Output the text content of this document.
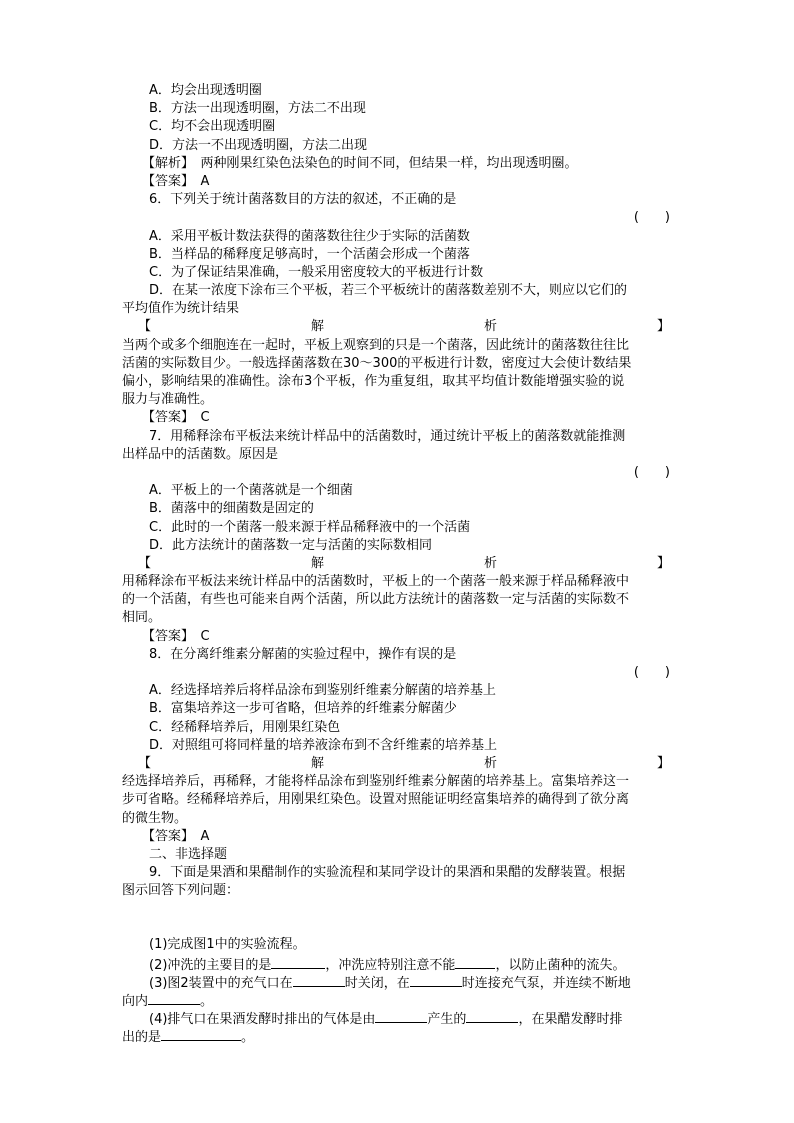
A．均会出现透明圈
B．方法一出现透明圈，方法二不出现
C．均不会出现透明圈
D．方法一不出现透明圈，方法二出现
【解析】　两种刚果红染色法染色的时间不同，但结果一样，均出现透明圈。
【答案】　A
6．下列关于统计菌落数目的方法的叙述，不正确的是
(　　)
A．采用平板计数法获得的菌落数往往少于实际的活菌数
B．当样品的稀释度足够高时，一个活菌会形成一个菌落
C．为了保证结果准确，一般采用密度较大的平板进行计数
D．在某一浓度下涂布三个平板，若三个平板统计的菌落数差别不大，则应以它们的
平均值作为统计结果
【	解	析	】
当两个或多个细胞连在一起时，平板上观察到的只是一个菌落，因此统计的菌落数往往比
活菌的实际数目少。一般选择菌落数在30～300的平板进行计数，密度过大会使计数结果
偏小，影响结果的准确性。涂布3个平板，作为重复组，取其平均值计数能增强实验的说
服力与准确性。
【答案】　C
7．用稀释涂布平板法来统计样品中的活菌数时，通过统计平板上的菌落数就能推测
出样品中的活菌数。原因是
(　　)
A．平板上的一个菌落就是一个细菌
B．菌落中的细菌数是固定的
C．此时的一个菌落一般来源于样品稀释液中的一个活菌
D．此方法统计的菌落数一定与活菌的实际数相同
【	解	析	】
用稀释涂布平板法来统计样品中的活菌数时，平板上的一个菌落一般来源于样品稀释液中
的一个活菌，有些也可能来自两个活菌，所以此方法统计的菌落数一定与活菌的实际数不
相同。
【答案】　C
8．在分离纤维素分解菌的实验过程中，操作有误的是
(　　)
A．经选择培养后将样品涂布到鉴别纤维素分解菌的培养基上
B．富集培养这一步可省略，但培养的纤维素分解菌少
C．经稀释培养后，用刚果红染色
D．对照组可将同样量的培养液涂布到不含纤维素的培养基上
【	解	析	】
经选择培养后，再稀释，才能将样品涂布到鉴别纤维素分解菌的培养基上。富集培养这一
步可省略。经稀释培养后，用刚果红染色。设置对照能证明经富集培养的确得到了欲分离
的微生物。
【答案】　A
二、非选择题
9．下面是果酒和果醋制作的实验流程和某同学设计的果酒和果醋的发酵装置。根据
图示回答下列问题：
(1)完成图1中的实验流程。
(2)冲洗的主要目的是	，冲洗应特别注意不能	，以防止菌种的流失。
(3)图2装置中的充气口在	时关闭，在	时连接充气泵，并连续不断地
向内	。
(4)排气口在果酒发酵时排出的气体是由	产生的	，在果醋发酵时排
出的是	。
